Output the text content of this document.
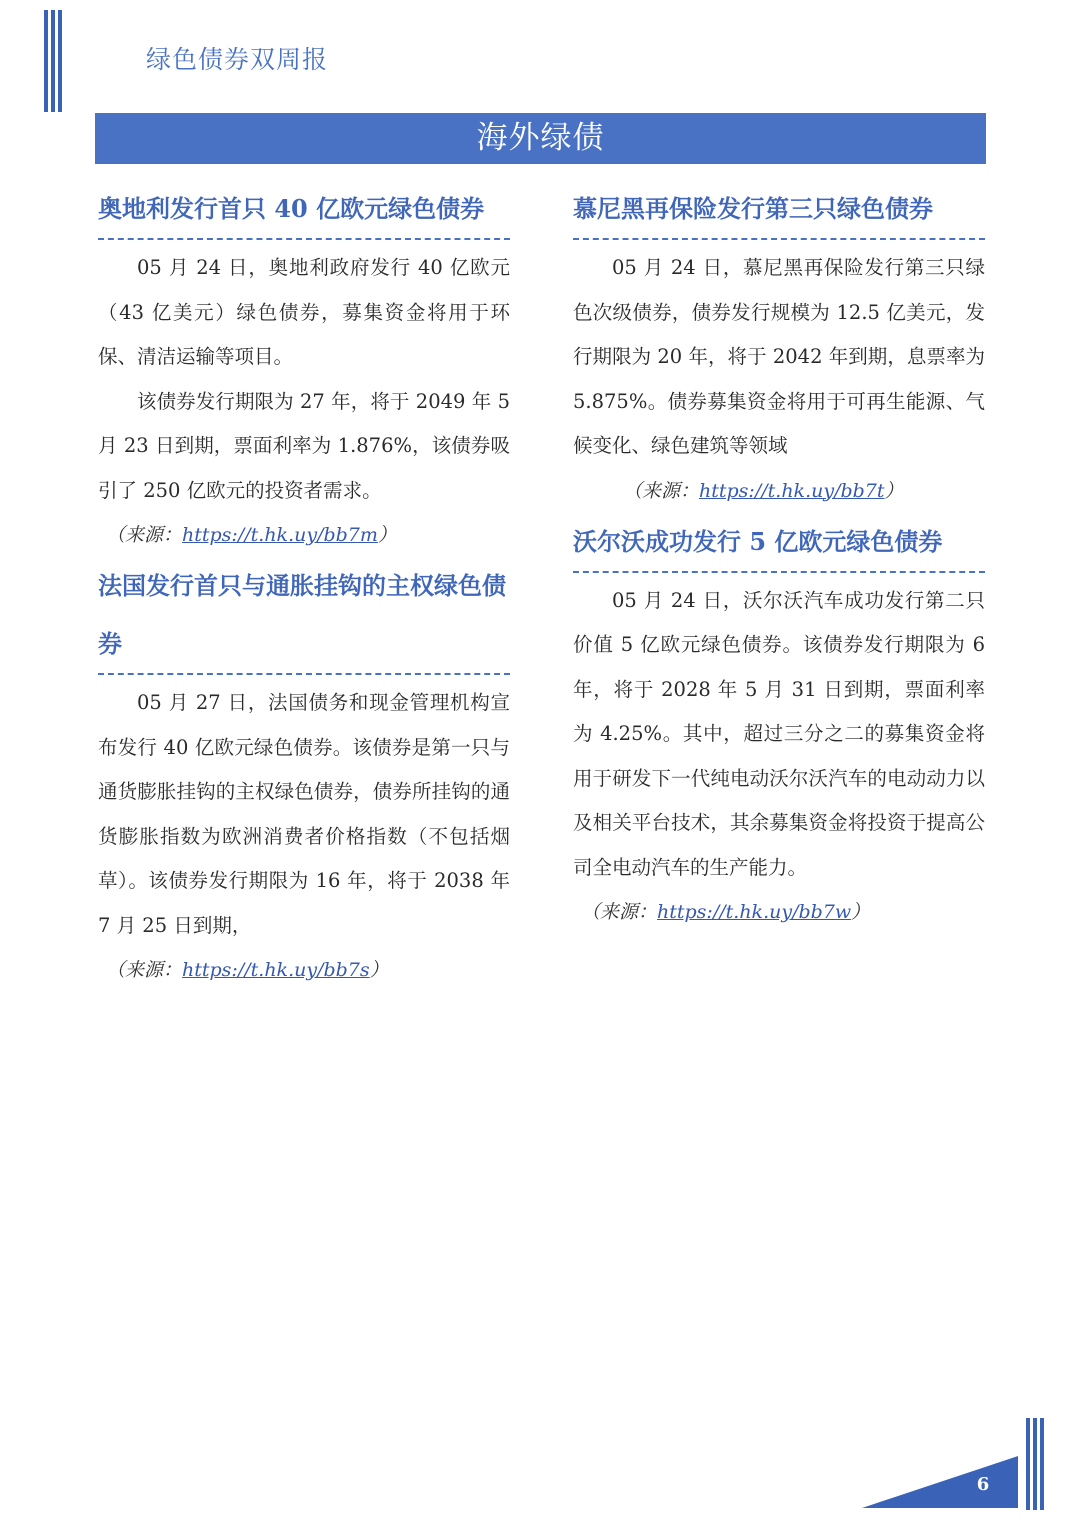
绿色债券双周报
海外绿债
奥地利发行首只 40 亿欧元绿色债券

05 月 24 日，奥地利政府发行 40 亿欧元（43 亿美元）绿色债券，募集资金将用于环保、清洁运输等项目。

该债券发行期限为 27 年，将于 2049 年 5 月 23 日到期，票面利率为 1.876%，该债券吸引了 250 亿欧元的投资者需求。

（来源：https://t.hk.uy/bb7m）

法国发行首只与通胀挂钩的主权绿色债券

05 月 27 日，法国债务和现金管理机构宣布发行 40 亿欧元绿色债券。该债券是第一只与通货膨胀挂钩的主权绿色债券，债券所挂钩的通货膨胀指数为欧洲消费者价格指数（不包括烟草）。该债券发行期限为 16 年，将于 2038 年 7 月 25 日到期，

（来源：https://t.hk.uy/bb7s）

慕尼黑再保险发行第三只绿色债券

05 月 24 日，慕尼黑再保险发行第三只绿色次级债券，债券发行规模为 12.5 亿美元，发行期限为 20 年，将于 2042 年到期，息票率为 5.875%。债券募集资金将用于可再生能源、气候变化、绿色建筑等领域

（来源：https://t.hk.uy/bb7t）

沃尔沃成功发行 5 亿欧元绿色债券

05 月 24 日，沃尔沃汽车成功发行第二只价值 5 亿欧元绿色债券。该债券发行期限为 6 年，将于 2028 年 5 月 31 日到期，票面利率为 4.25%。其中，超过三分之二的募集资金将用于研发下一代纯电动沃尔沃汽车的电动动力以及相关平台技术，其余募集资金将投资于提高公司全电动汽车的生产能力。

（来源：https://t.hk.uy/bb7w）

6
